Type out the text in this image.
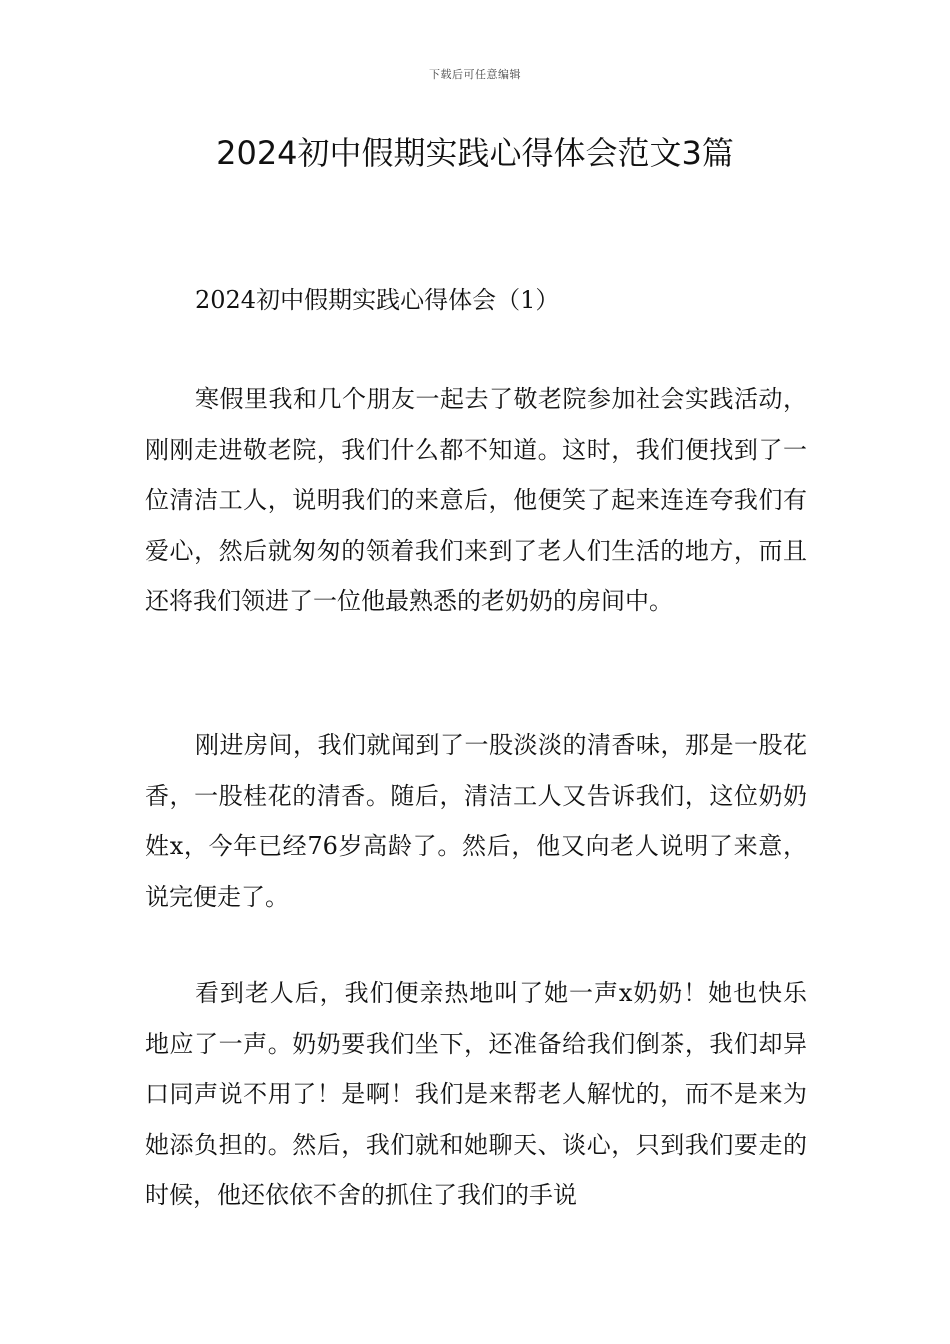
下载后可任意编辑
2024初中假期实践心得体会范文3篇

2024初中假期实践心得体会（1）

寒假里我和几个朋友一起去了敬老院参加社会实践活动，刚刚走进敬老院，我们什么都不知道。这时，我们便找到了一位清洁工人，说明我们的来意后，他便笑了起来连连夸我们有爱心，然后就匆匆的领着我们来到了老人们生活的地方，而且还将我们领进了一位他最熟悉的老奶奶的房间中。

刚进房间，我们就闻到了一股淡淡的清香味，那是一股花香，一股桂花的清香。随后，清洁工人又告诉我们，这位奶奶姓x，今年已经76岁高龄了。然后，他又向老人说明了来意，说完便走了。

看到老人后，我们便亲热地叫了她一声x奶奶！她也快乐地应了一声。奶奶要我们坐下，还准备给我们倒茶，我们却异口同声说不用了！是啊！我们是来帮老人解忧的，而不是来为她添负担的。然后，我们就和她聊天、谈心，只到我们要走的时候，他还依依不舍的抓住了我们的手说
